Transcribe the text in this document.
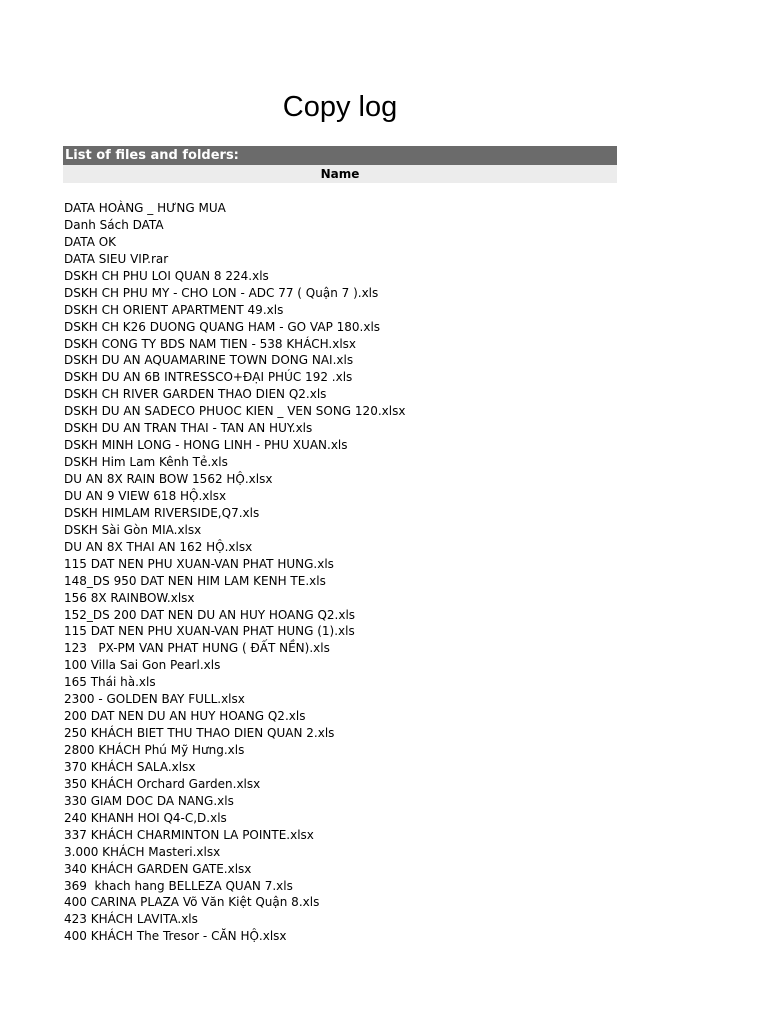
Copy log
List of files and folders:
Name
DATA HOÀNG _ HƯNG MUA
Danh Sách DATA
DATA OK
DATA SIEU VIP.rar
DSKH CH PHU LOI QUAN 8 224.xls
DSKH CH PHU MY - CHO LON - ADC 77 ( Quận 7 ).xls
DSKH CH ORIENT APARTMENT 49.xls
DSKH CH K26 DUONG QUANG HAM - GO VAP 180.xls
DSKH CONG TY BDS NAM TIEN - 538 KHÁCH.xlsx
DSKH DU AN AQUAMARINE TOWN DONG NAI.xls
DSKH DU AN 6B INTRESSCO+ĐẠI PHÚC 192 .xls
DSKH CH RIVER GARDEN THAO DIEN Q2.xls
DSKH DU AN SADECO PHUOC KIEN _ VEN SONG 120.xlsx
DSKH DU AN TRAN THAI - TAN AN HUY.xls
DSKH MINH LONG - HONG LINH - PHU XUAN.xls
DSKH Him Lam Kênh Tẻ.xls
DU AN 8X RAIN BOW 1562 HỘ.xlsx
DU AN 9 VIEW 618 HỘ.xlsx
DSKH HIMLAM RIVERSIDE,Q7.xls
DSKH Sài Gòn MIA.xlsx
DU AN 8X THAI AN 162 HỘ.xlsx
115 DAT NEN PHU XUAN-VAN PHAT HUNG.xls
148_DS 950 DAT NEN HIM LAM KENH TE.xls
156 8X RAINBOW.xlsx
152_DS 200 DAT NEN DU AN HUY HOANG Q2.xls
115 DAT NEN PHU XUAN-VAN PHAT HUNG (1).xls
123   PX-PM VAN PHAT HUNG ( ĐẤT NỀN).xls
100 Villa Sai Gon Pearl.xls
165 Thái hà.xls
2300 - GOLDEN BAY FULL.xlsx
200 DAT NEN DU AN HUY HOANG Q2.xls
250 KHÁCH BIET THU THAO DIEN QUAN 2.xls
2800 KHÁCH Phú Mỹ Hưng.xls
370 KHÁCH SALA.xlsx
350 KHÁCH Orchard Garden.xlsx
330 GIAM DOC DA NANG.xls
240 KHANH HOI Q4-C,D.xls
337 KHÁCH CHARMINTON LA POINTE.xlsx
3.000 KHÁCH Masteri.xlsx
340 KHÁCH GARDEN GATE.xlsx
369  khach hang BELLEZA QUAN 7.xls
400 CARINA PLAZA Võ Văn Kiệt Quận 8.xls
423 KHÁCH LAVITA.xls
400 KHÁCH The Tresor - CĂN HỘ.xlsx
